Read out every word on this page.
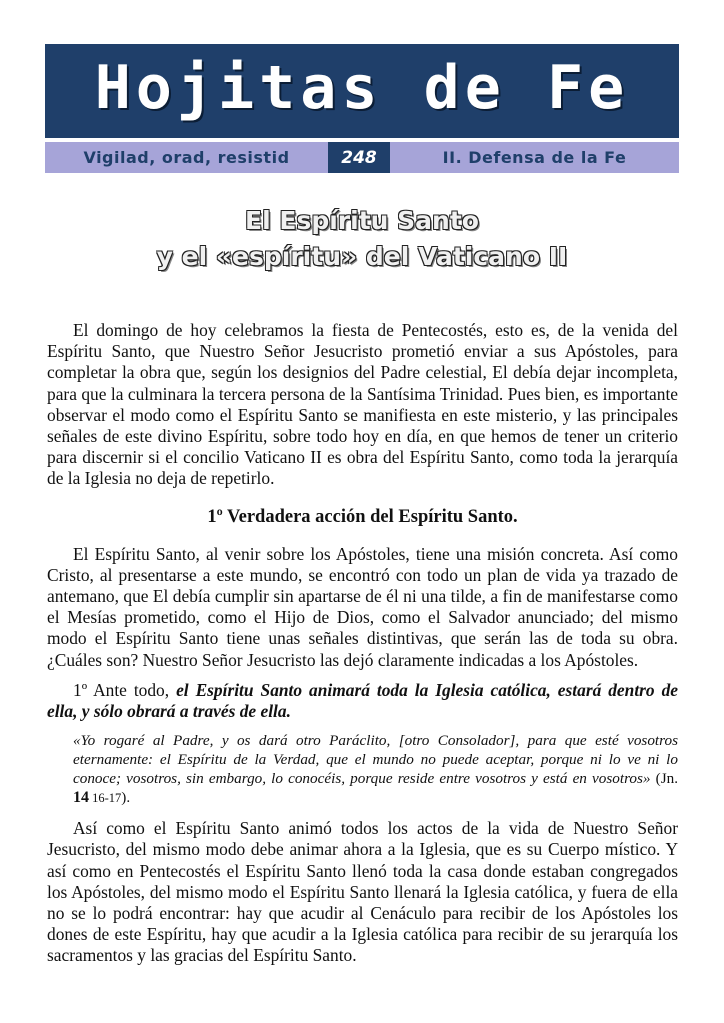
Hojitas de Fe
Vigilad, orad, resistid	248	II. Defensa de la Fe
El Espíritu Santo
y el «espíritu» del Vaticano II

El domingo de hoy celebramos la fiesta de Pentecostés, esto es, de la venida del Espíritu Santo, que Nuestro Señor Jesucristo prometió enviar a sus Apóstoles, para completar la obra que, según los designios del Padre celestial, El debía dejar incompleta, para que la culminara la tercera persona de la Santísima Trinidad. Pues bien, es importante observar el modo como el Espíritu Santo se manifiesta en este misterio, y las principales señales de este divino Espíritu, sobre todo hoy en día, en que hemos de tener un criterio para discernir si el concilio Vaticano II es obra del Espíritu Santo, como toda la jerarquía de la Iglesia no deja de repetirlo.

1º Verdadera acción del Espíritu Santo.

El Espíritu Santo, al venir sobre los Apóstoles, tiene una misión concreta. Así como Cristo, al presentarse a este mundo, se encontró con todo un plan de vida ya trazado de antemano, que El debía cumplir sin apartarse de él ni una tilde, a fin de manifestarse como el Mesías prometido, como el Hijo de Dios, como el Salvador anunciado; del mismo modo el Espíritu Santo tiene unas señales distintivas, que serán las de toda su obra. ¿Cuáles son? Nuestro Señor Jesucristo las dejó claramente indicadas a los Apóstoles.

1º Ante todo, el Espíritu Santo animará toda la Iglesia católica, estará dentro de ella, y sólo obrará a través de ella.

«Yo rogaré al Padre, y os dará otro Paráclito, [otro Consolador], para que esté vosotros eternamente: el Espíritu de la Verdad, que el mundo no puede aceptar, porque ni lo ve ni lo conoce; vosotros, sin embargo, lo conocéis, porque reside entre vosotros y está en vosotros» (Jn. 14 16-17).

Así como el Espíritu Santo animó todos los actos de la vida de Nuestro Señor Jesucristo, del mismo modo debe animar ahora a la Iglesia, que es su Cuerpo místico. Y así como en Pentecostés el Espíritu Santo llenó toda la casa donde estaban congregados los Apóstoles, del mismo modo el Espíritu Santo llenará la Iglesia católica, y fuera de ella no se lo podrá encontrar: hay que acudir al Cenáculo para recibir de los Apóstoles los dones de este Espíritu, hay que acudir a la Iglesia católica para recibir de su jerarquía los sacramentos y las gracias del Espíritu Santo.
